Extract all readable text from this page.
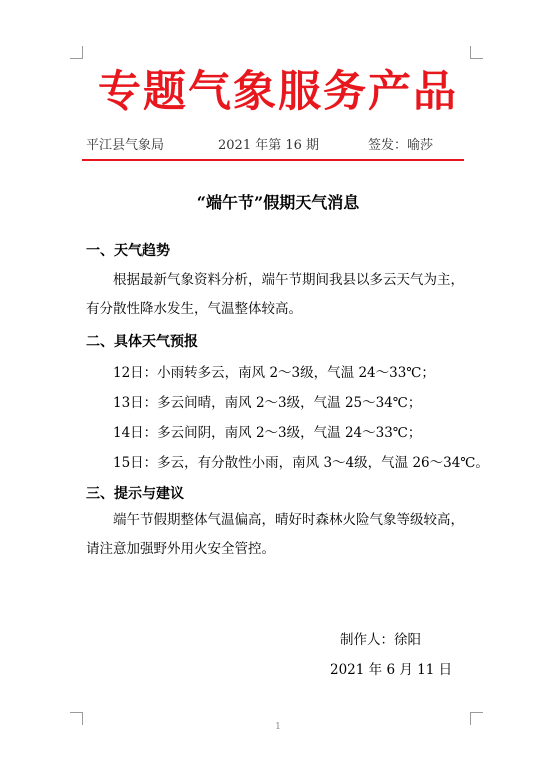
专题气象服务产品
平江县气象局	2021 年第 16 期	签发：喻莎
“端午节”假期天气消息
一、天气趋势

根据最新气象资料分析，端午节期间我县以多云天气为主，有分散性降水发生，气温整体较高。

二、具体天气预报
12日：小雨转多云，南风 2～3级，气温 24～33℃；
13日：多云间晴，南风 2～3级，气温 25～34℃；
14日：多云间阴，南风 2～3级，气温 24～33℃；
15日：多云，有分散性小雨，南风 3～4级，气温 26～34℃。
三、提示与建议

端午节假期整体气温偏高，晴好时森林火险气象等级较高，请注意加强野外用火安全管控。

制作人：徐阳
2021 年 6 月 11 日
1
